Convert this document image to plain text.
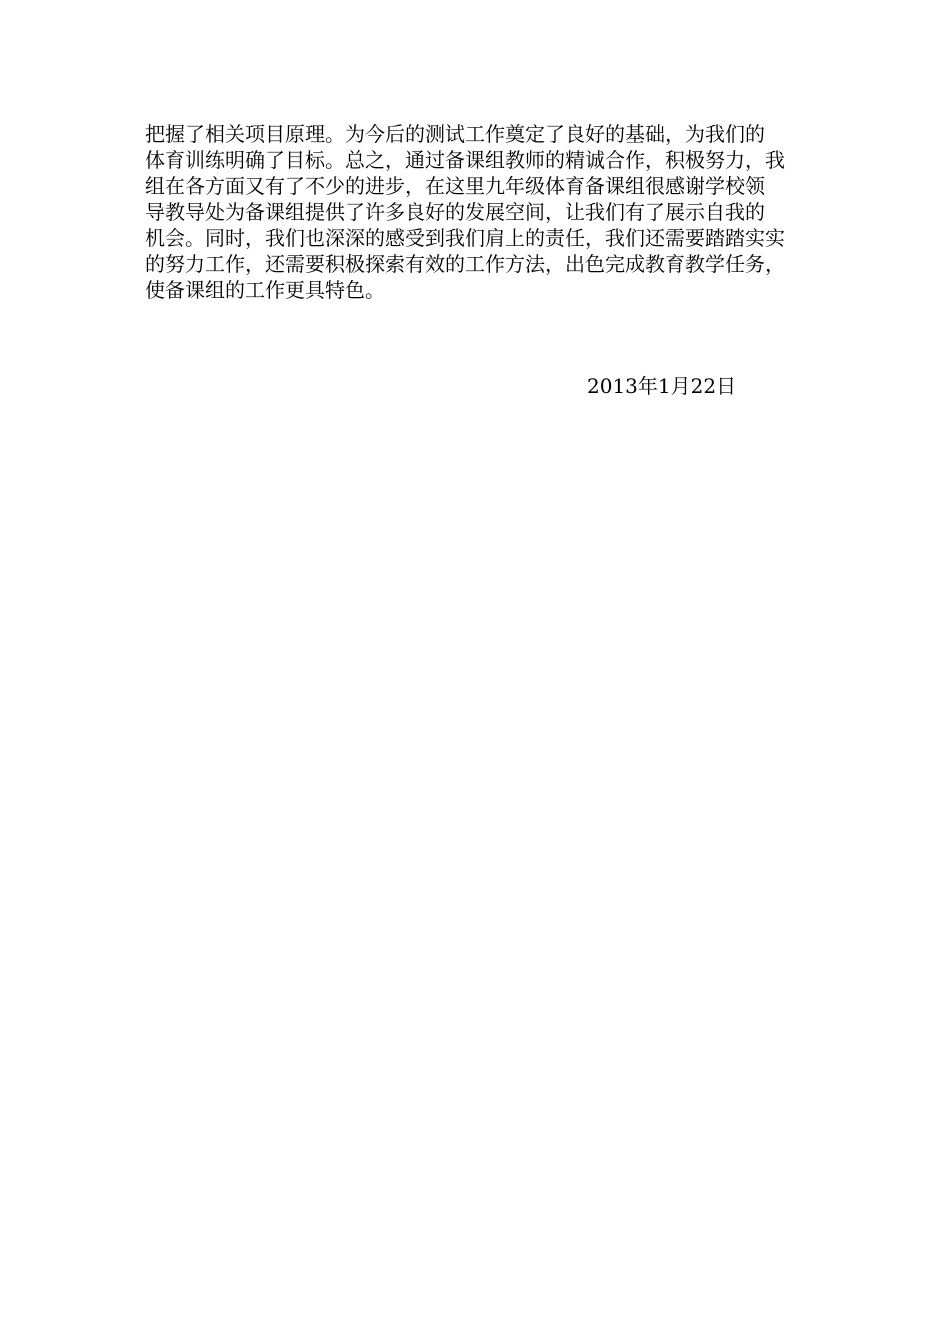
把握了相关项目原理。为今后的测试工作奠定了良好的基础，为我们的
体育训练明确了目标。总之，通过备课组教师的精诚合作，积极努力，我
组在各方面又有了不少的进步，在这里九年级体育备课组很感谢学校领
导教导处为备课组提供了许多良好的发展空间，让我们有了展示自我的
机会。同时，我们也深深的感受到我们肩上的责任，我们还需要踏踏实实
的努力工作，还需要积极探索有效的工作方法，出色完成教育教学任务，
使备课组的工作更具特色。
2013年1月22日
